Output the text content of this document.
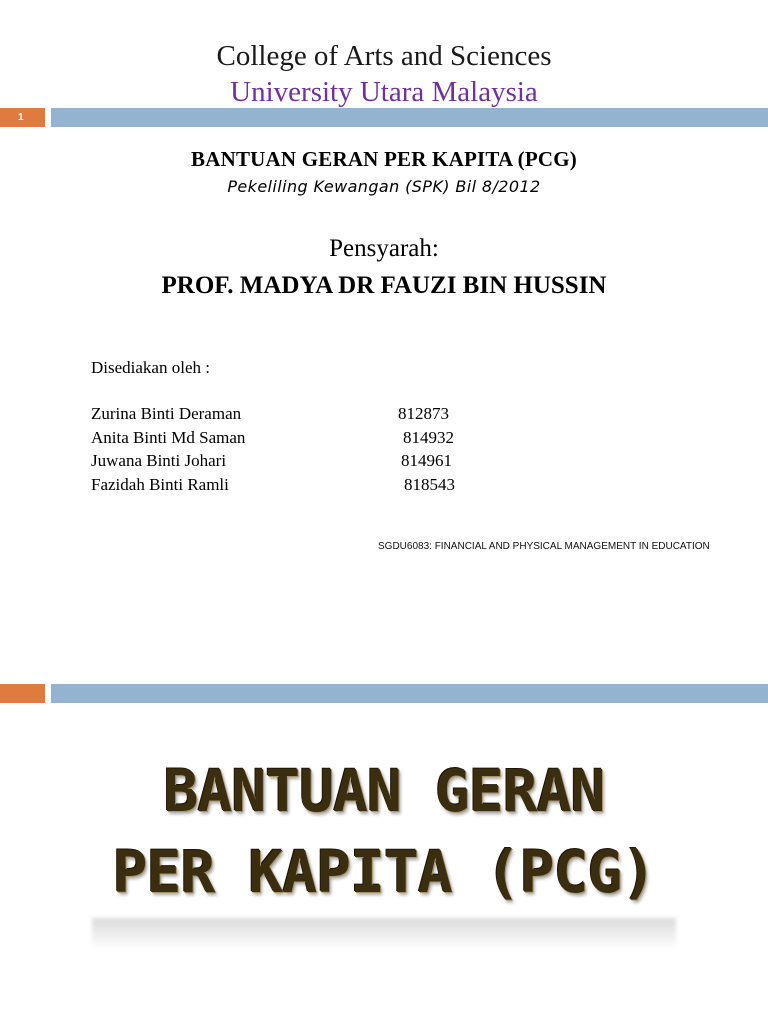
College of Arts and Sciences
University Utara Malaysia
1
BANTUAN GERAN PER KAPITA (PCG)
Pekeliling Kewangan (SPK) Bil 8/2012
Pensyarah:
PROF. MADYA DR FAUZI BIN HUSSIN
Disediakan oleh :
Zurina Binti Deraman	812873
Anita Binti Md Saman	814932
Juwana Binti Johari	814961
Fazidah Binti Ramli	818543
SGDU6083: FINANCIAL AND PHYSICAL MANAGEMENT IN EDUCATION
BANTUAN GERAN
PER KAPITA (PCG)
